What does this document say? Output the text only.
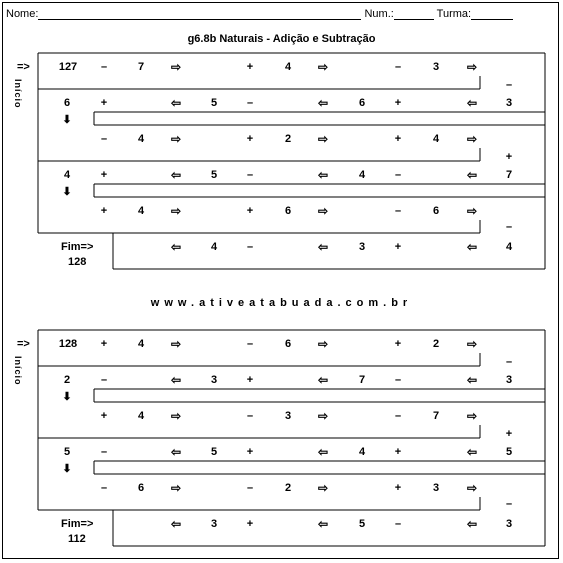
Nome:	Num.:	Turma:
g6.8b Naturais - Adição e Subtração
=>
Início
127 –	7 ⇨	+	4 ⇨	–	3 ⇨
6	+	⇦	5	–	⇦	6	+	⇦	3
–	4 ⇨	+	2 ⇨	+	4 ⇨
4	+	⇦	5	–	⇦	4	–	⇦	7
+	4 ⇨	+	6 ⇨	–	6 ⇨
⇦	4	–	⇦	3	+	⇦	4
–
+
–
⬇
⬇
Fim=>
128
www.ativeatabuada.com.br
=>
Início
128 +	4 ⇨	–	6 ⇨	+	2 ⇨
2	–	⇦	3	+	⇦	7	–	⇦	3
+	4 ⇨	–	3 ⇨	–	7 ⇨
5	–	⇦	5	+	⇦	4	+	⇦	5
–	6 ⇨	–	2 ⇨	+	3 ⇨
⇦	3	+	⇦	5	–	⇦	3
–
+
–
⬇
⬇
Fim=>
112
